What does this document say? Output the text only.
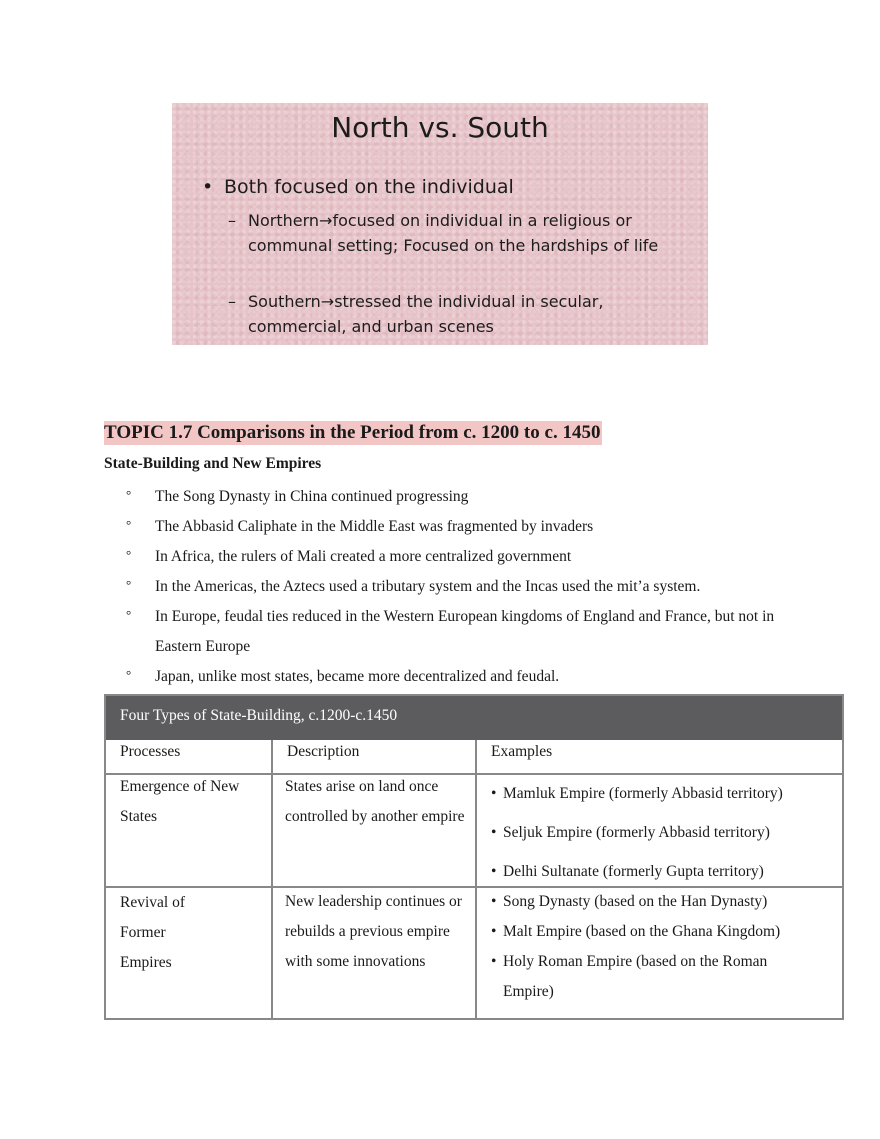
North vs. South
• Both focused on the individual
– Northern→focused on individual in a religious or communal setting; Focused on the hardships of life
– Southern→stressed the individual in secular, commercial, and urban scenes
TOPIC 1.7 Comparisons in the Period from c. 1200 to c. 1450
State-Building and New Empires
° The Song Dynasty in China continued progressing
° The Abbasid Caliphate in the Middle East was fragmented by invaders
° In Africa, the rulers of Mali created a more centralized government
° In the Americas, the Aztecs used a tributary system and the Incas used the mit’a system.
° In Europe, feudal ties reduced in the Western European kingdoms of England and France, but not in Eastern Europe
° Japan, unlike most states, became more decentralized and feudal.
Four Types of State-Building, c.1200-c.1450
Processes	Description	Examples
Emergence of New States
States arise on land once controlled by another empire
• Mamluk Empire (formerly Abbasid territory)
• Seljuk Empire (formerly Abbasid territory)
• Delhi Sultanate (formerly Gupta territory)
Revival of Former Empires
New leadership continues or rebuilds a previous empire with some innovations
• Song Dynasty (based on the Han Dynasty)
• Malt Empire (based on the Ghana Kingdom)
• Holy Roman Empire (based on the Roman Empire)
